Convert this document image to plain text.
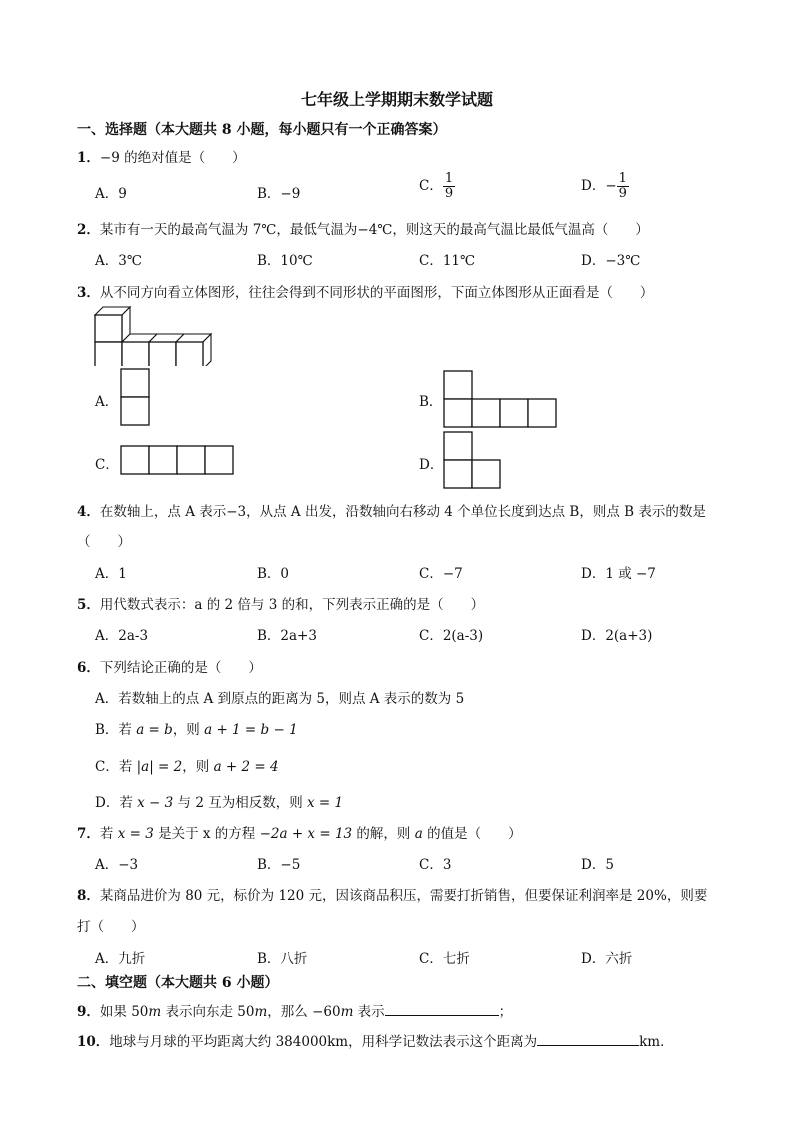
七年级上学期期末数学试题
一、选择题（本大题共 8 小题，每小题只有一个正确答案）
1．−9 的绝对值是（　　）
A．9	B．−9	C． $\frac{1}{9}$	D．− $\frac{1}{9}$
2．某市有一天的最高气温为 7℃，最低气温为−4℃，则这天的最高气温比最低气温高（　　）
A．3℃	B．10℃	C．11℃	D．−3℃
3．从不同方向看立体图形，往往会得到不同形状的平面图形，下面立体图形从正面看是（　　）
A．	B．
C．	D．
4．在数轴上，点 A 表示−3，从点 A 出发，沿数轴向右移动 4 个单位长度到达点 B，则点 B 表示的数是
（　　）
A．1	B．0	C．−7	D．1 或 −7
5．用代数式表示：a 的 2 倍与 3 的和，下列表示正确的是（　　）
A．2a-3	B．2a+3	C．2(a-3)	D．2(a+3)
6．下列结论正确的是（　　）
A．若数轴上的点 A 到原点的距离为 5，则点 A 表示的数为 5
B．若 a = b，则 a + 1 = b − 1
C．若 |a| = 2，则 a + 2 = 4
D．若 x − 3 与 2 互为相反数，则 x = 1
7．若 x = 3 是关于 x 的方程 −2a + x = 13 的解，则 a 的值是（　　）
A．−3	B．−5	C．3	D．5
8．某商品进价为 80 元，标价为 120 元，因该商品积压，需要打折销售，但要保证利润率是 20%，则要
打（　　）
A．九折	B．八折	C．七折	D．六折
二、填空题（本大题共 6 小题）
9．如果 50m 表示向东走 50m，那么 −60m 表示	；
10．地球与月球的平均距离大约 384000km，用科学记数法表示这个距离为	km．
